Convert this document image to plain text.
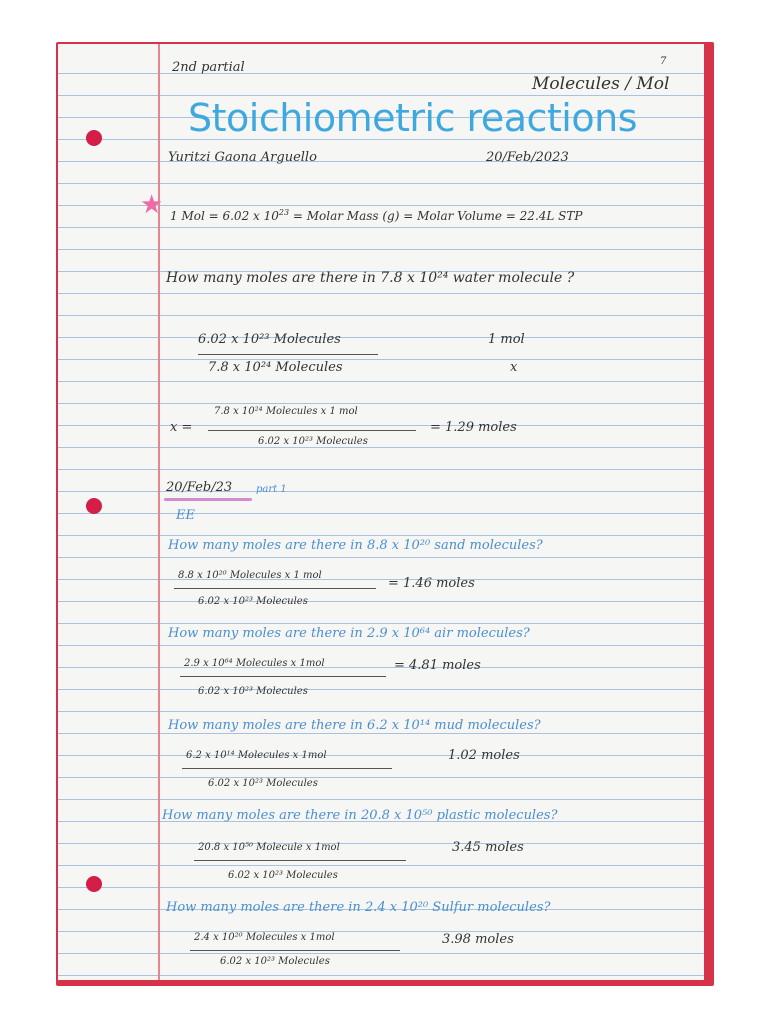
★
2nd partial
Molecules / Mol
7
Stoichiometric reactions
Yuritzi Gaona Arguello	20/Feb/2023
1 Mol = 6.02 x $10^{23}$ = Molar Mass (g) = Molar Volume = 22.4L STP
How many moles are there in 7.8 x 10²⁴ water molecule ?
6.02 x 10²³ Molecules	1 mol
7.8 x 10²⁴ Molecules	x
x =
7.8 x 10²⁴ Molecules x 1 mol
6.02 x 10²³ Molecules
= 1.29 moles
20/Feb/23 part 1
EE
How many moles are there in 8.8 x 10²⁰ sand molecules?
8.8 x 10²⁰ Molecules x 1 mol
6.02 x 10²³ Molecules
= 1.46 moles
How many moles are there in 2.9 x 10⁶⁴ air molecules?
2.9 x 10⁶⁴ Molecules x 1mol
6.02 x 10²³ Molecules
= 4.81 moles
How many moles are there in 6.2 x 10¹⁴ mud molecules?
6.2 x 10¹⁴ Molecules x 1mol
6.02 x 10²³ Molecules
1.02 moles
How many moles are there in 20.8 x 10⁵⁰ plastic molecules?
20.8 x 10⁵⁰ Molecule x 1mol
6.02 x 10²³ Molecules
3.45 moles
How many moles are there in 2.4 x 10²⁰ Sulfur molecules?
2.4 x 10²⁰ Molecules x 1mol
6.02 x 10²³ Molecules
3.98 moles
